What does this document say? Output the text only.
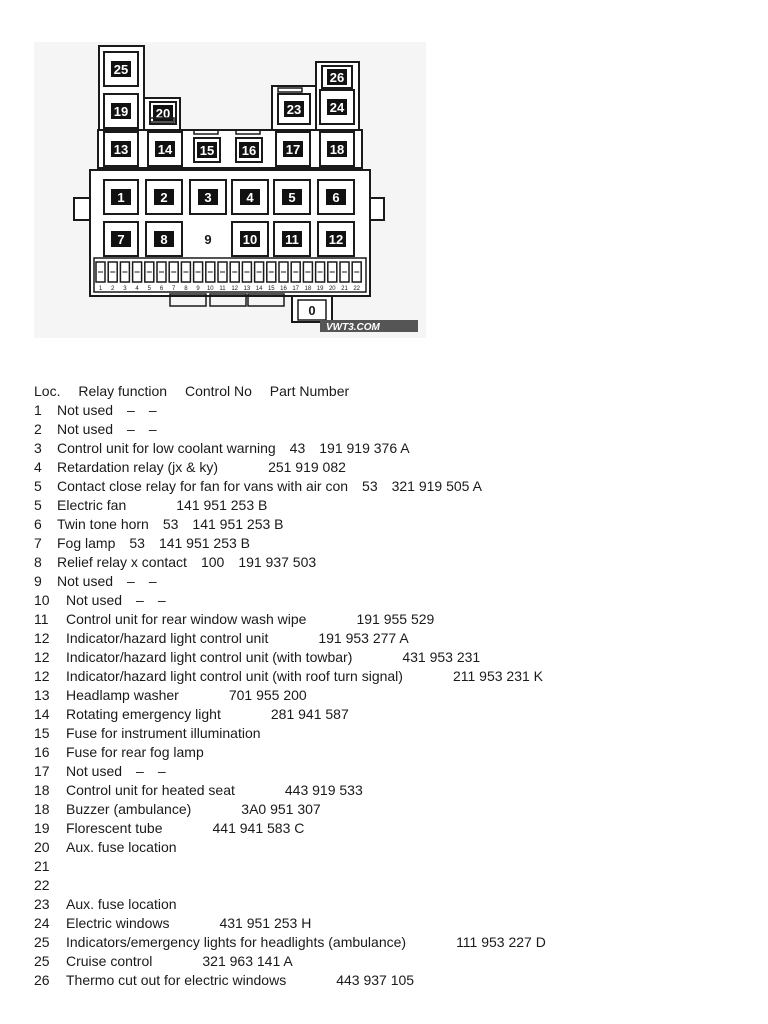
1 2 3 4 5 6 7 8 9 10 11 12 13 14 15 16 17 18 19 20 21 22
25
19 20
26
23 24
13 14 15 16 17 18
1	2	3	4	5	6
7	8	9 10 11 12
0
VWT3.COM
Loc. Relay function Control No Part Number
1 Not used – –
2 Not used – –
3 Control unit for low coolant warning 43 191 919 376 A
4 Retardation relay (jx & ky)	251 919 082
5 Contact close relay for fan for vans with air con 53 321 919 505 A
5 Electric fan	141 951 253 B
6 Twin tone horn 53 141 951 253 B
7 Fog lamp 53 141 951 253 B
8 Relief relay x contact 100 191 937 503
9 Not used – –
10 Not used – –
11 Control unit for rear window wash wipe	191 955 529
12 Indicator/hazard light control unit	191 953 277 A
12 Indicator/hazard light control unit (with towbar)	431 953 231
12 Indicator/hazard light control unit (with roof turn signal)	211 953 231 K
13 Headlamp washer	701 955 200
14 Rotating emergency light	281 941 587
15 Fuse for instrument illumination
16 Fuse for rear fog lamp
17 Not used – –
18 Control unit for heated seat	443 919 533
18 Buzzer (ambulance)	3A0 951 307
19 Florescent tube	441 941 583 C
20 Aux. fuse location
21
22
23 Aux. fuse location
24 Electric windows	431 951 253 H
25 Indicators/emergency lights for headlights (ambulance)	111 953 227 D
25 Cruise control	321 963 141 A
26 Thermo cut out for electric windows	443 937 105
